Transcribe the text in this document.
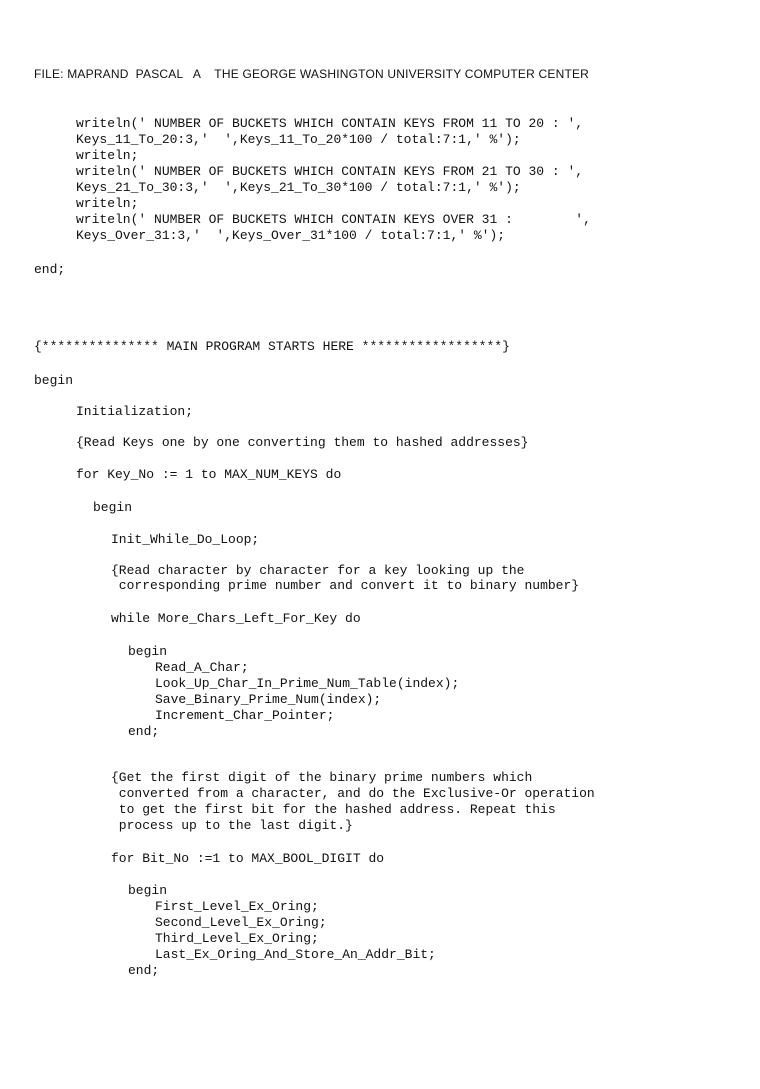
FILE: MAPRAND  PASCAL   A    THE GEORGE WASHINGTON UNIVERSITY COMPUTER CENTER
writeln(' NUMBER OF BUCKETS WHICH CONTAIN KEYS FROM 11 TO 20 : ',
Keys_11_To_20:3,'  ',Keys_11_To_20*100 / total:7:1,' %');
writeln;
writeln(' NUMBER OF BUCKETS WHICH CONTAIN KEYS FROM 21 TO 30 : ',
Keys_21_To_30:3,'  ',Keys_21_To_30*100 / total:7:1,' %');
writeln;
writeln(' NUMBER OF BUCKETS WHICH CONTAIN KEYS OVER 31 :        ',
Keys_Over_31:3,'  ',Keys_Over_31*100 / total:7:1,' %');
end;
{*************** MAIN PROGRAM STARTS HERE ******************}
begin
Initialization;
{Read Keys one by one converting them to hashed addresses}
for Key_No := 1 to MAX_NUM_KEYS do
begin
Init_While_Do_Loop;
{Read character by character for a key looking up the
corresponding prime number and convert it to binary number}
while More_Chars_Left_For_Key do
begin
Read_A_Char;
Look_Up_Char_In_Prime_Num_Table(index);
Save_Binary_Prime_Num(index);
Increment_Char_Pointer;
end;
{Get the first digit of the binary prime numbers which
converted from a character, and do the Exclusive-Or operation
to get the first bit for the hashed address. Repeat this
process up to the last digit.}
for Bit_No :=1 to MAX_BOOL_DIGIT do
begin
First_Level_Ex_Oring;
Second_Level_Ex_Oring;
Third_Level_Ex_Oring;
Last_Ex_Oring_And_Store_An_Addr_Bit;
end;
